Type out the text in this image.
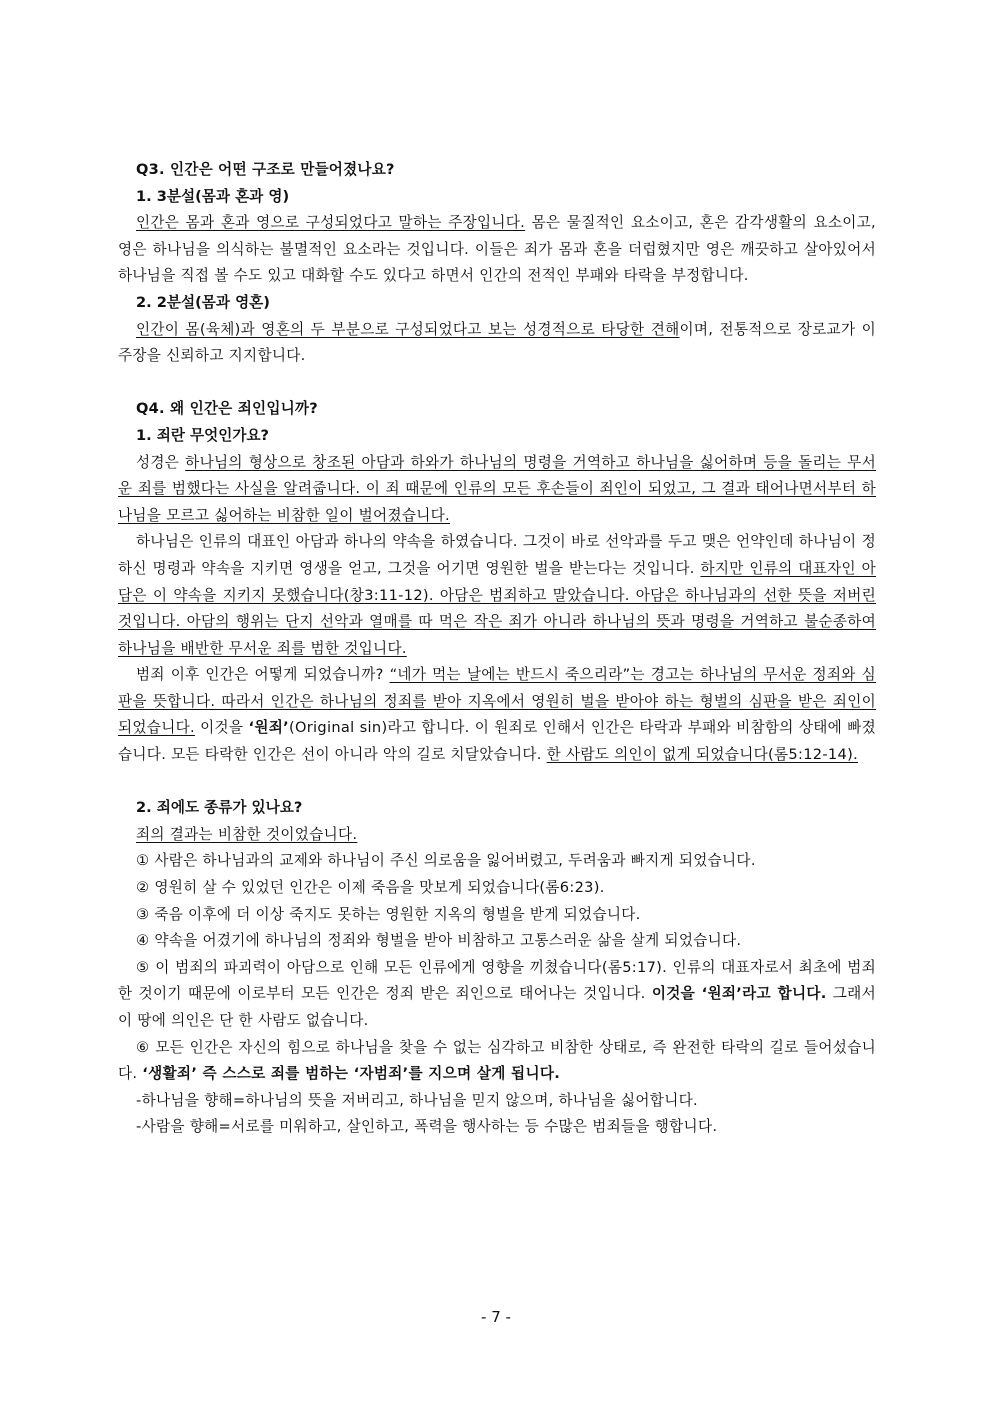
Q3. 인간은 어떤 구조로 만들어졌나요?
1. 3분설(몸과 혼과 영)
인간은 몸과 혼과 영으로 구성되었다고 말하는 주장입니다. 몸은 물질적인 요소이고, 혼은 감각생활의 요소이고, 영은 하나님을 의식하는 불멸적인 요소라는 것입니다. 이들은 죄가 몸과 혼을 더럽혔지만 영은 깨끗하고 살아있어서 하나님을 직접 볼 수도 있고 대화할 수도 있다고 하면서 인간의 전적인 부패와 타락을 부정합니다.
2. 2분설(몸과 영혼)
인간이 몸(육체)과 영혼의 두 부분으로 구성되었다고 보는 성경적으로 타당한 견해이며, 전통적으로 장로교가 이 주장을 신뢰하고 지지합니다.
Q4. 왜 인간은 죄인입니까?
1. 죄란 무엇인가요?
성경은 하나님의 형상으로 창조된 아담과 하와가 하나님의 명령을 거역하고 하나님을 싫어하며 등을 돌리는 무서운 죄를 범했다는 사실을 알려줍니다. 이 죄 때문에 인류의 모든 후손들이 죄인이 되었고, 그 결과 태어나면서부터 하나님을 모르고 싫어하는 비참한 일이 벌어졌습니다.
하나님은 인류의 대표인 아담과 하나의 약속을 하였습니다. 그것이 바로 선악과를 두고 맺은 언약인데 하나님이 정하신 명령과 약속을 지키면 영생을 얻고, 그것을 어기면 영원한 벌을 받는다는 것입니다. 하지만 인류의 대표자인 아담은 이 약속을 지키지 못했습니다(창3:11-12). 아담은 범죄하고 말았습니다. 아담은 하나님과의 선한 뜻을 저버린 것입니다. 아담의 행위는 단지 선악과 열매를 따 먹은 작은 죄가 아니라 하나님의 뜻과 명령을 거역하고 불순종하여 하나님을 배반한 무서운 죄를 범한 것입니다.
범죄 이후 인간은 어떻게 되었습니까? “네가 먹는 날에는 반드시 죽으리라”는 경고는 하나님의 무서운 정죄와 심판을 뜻합니다. 따라서 인간은 하나님의 정죄를 받아 지옥에서 영원히 벌을 받아야 하는 형벌의 심판을 받은 죄인이 되었습니다. 이것을 ‘원죄’(Original sin)라고 합니다. 이 원죄로 인해서 인간은 타락과 부패와 비참함의 상태에 빠졌습니다. 모든 타락한 인간은 선이 아니라 악의 길로 치달았습니다. 한 사람도 의인이 없게 되었습니다(롬5:12-14).
2. 죄에도 종류가 있나요?
죄의 결과는 비참한 것이었습니다.
① 사람은 하나님과의 교제와 하나님이 주신 의로움을 잃어버렸고, 두려움과 빠지게 되었습니다.
② 영원히 살 수 있었던 인간은 이제 죽음을 맛보게 되었습니다(롬6:23).
③ 죽음 이후에 더 이상 죽지도 못하는 영원한 지옥의 형벌을 받게 되었습니다.
④ 약속을 어겼기에 하나님의 정죄와 형벌을 받아 비참하고 고통스러운 삶을 살게 되었습니다.
⑤ 이 범죄의 파괴력이 아담으로 인해 모든 인류에게 영향을 끼쳤습니다(롬5:17). 인류의 대표자로서 최초에 범죄한 것이기 때문에 이로부터 모든 인간은 정죄 받은 죄인으로 태어나는 것입니다. 이것을 ‘원죄’라고 합니다. 그래서 이 땅에 의인은 단 한 사람도 없습니다.
⑥ 모든 인간은 자신의 힘으로 하나님을 찾을 수 없는 심각하고 비참한 상태로, 즉 완전한 타락의 길로 들어섰습니다. ‘생활죄’ 즉 스스로 죄를 범하는 ‘자범죄’를 지으며 살게 됩니다.
-하나님을 향해=하나님의 뜻을 저버리고, 하나님을 믿지 않으며, 하나님을 싫어합니다.
-사람을 향해=서로를 미워하고, 살인하고, 폭력을 행사하는 등 수많은 범죄들을 행합니다.
- 7 -
